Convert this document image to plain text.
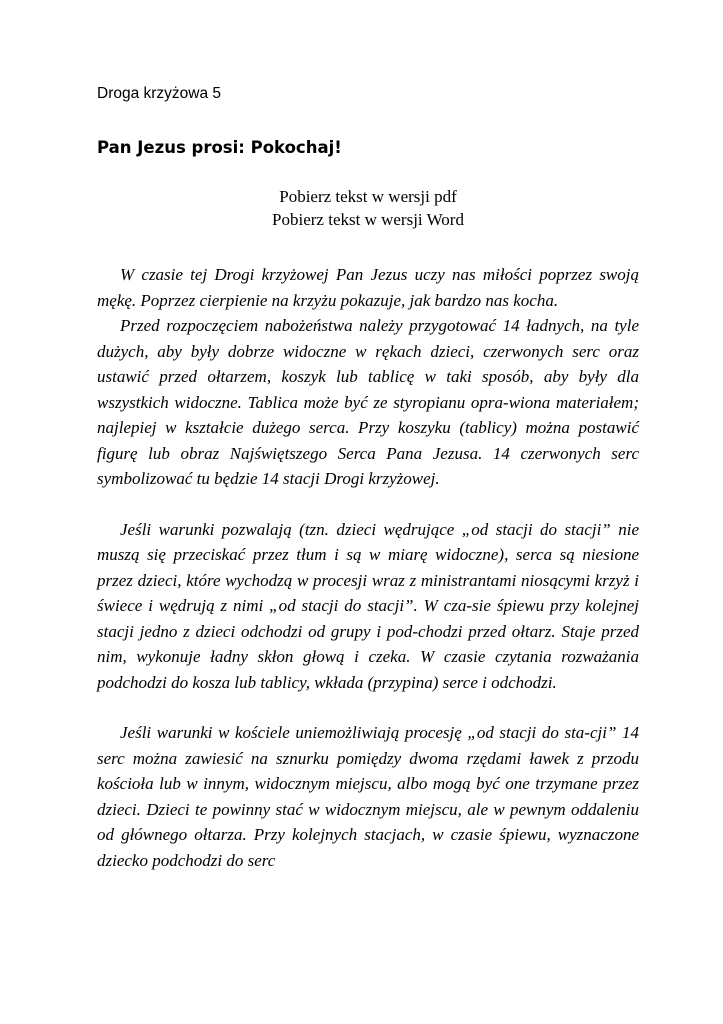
Droga krzyżowa 5
Pan Jezus prosi: Pokochaj!
Pobierz tekst w wersji pdf
Pobierz tekst w wersji Word

W czasie tej Drogi krzyżowej Pan Jezus uczy nas miłości poprzez swoją mękę. Poprzez cierpienie na krzyżu pokazuje, jak bardzo nas kocha.

Przed rozpoczęciem nabożeństwa należy przygotować 14 ładnych, na tyle dużych, aby były dobrze widoczne w rękach dzieci, czerwonych serc oraz ustawić przed ołtarzem, koszyk lub tablicę w taki sposób, aby były dla wszystkich widoczne. Tablica może być ze styropianu opra-wiona materiałem; najlepiej w kształcie dużego serca. Przy koszyku (tablicy) można postawić figurę lub obraz Najświętszego Serca Pana Jezusa. 14 czerwonych serc symbolizować tu będzie 14 stacji Drogi krzyżowej.

Jeśli warunki pozwalają (tzn. dzieci wędrujące „od stacji do stacji” nie muszą się przeciskać przez tłum i są w miarę widoczne), serca są niesione przez dzieci, które wychodzą w procesji wraz z ministrantami niosącymi krzyż i świece i wędrują z nimi „od stacji do stacji”. W cza-sie śpiewu przy kolejnej stacji jedno z dzieci odchodzi od grupy i pod-chodzi przed ołtarz. Staje przed nim, wykonuje ładny skłon głową i czeka. W czasie czytania rozważania podchodzi do kosza lub tablicy, wkłada (przypina) serce i odchodzi.

Jeśli warunki w kościele uniemożliwiają procesję „od stacji do sta-cji” 14 serc można zawiesić na sznurku pomiędzy dwoma rzędami ławek z przodu kościoła lub w innym, widocznym miejscu, albo mogą być one trzymane przez dzieci. Dzieci te powinny stać w widocznym miejscu, ale w pewnym oddaleniu od głównego ołtarza. Przy kolejnych stacjach, w czasie śpiewu, wyznaczone dziecko podchodzi do serc
